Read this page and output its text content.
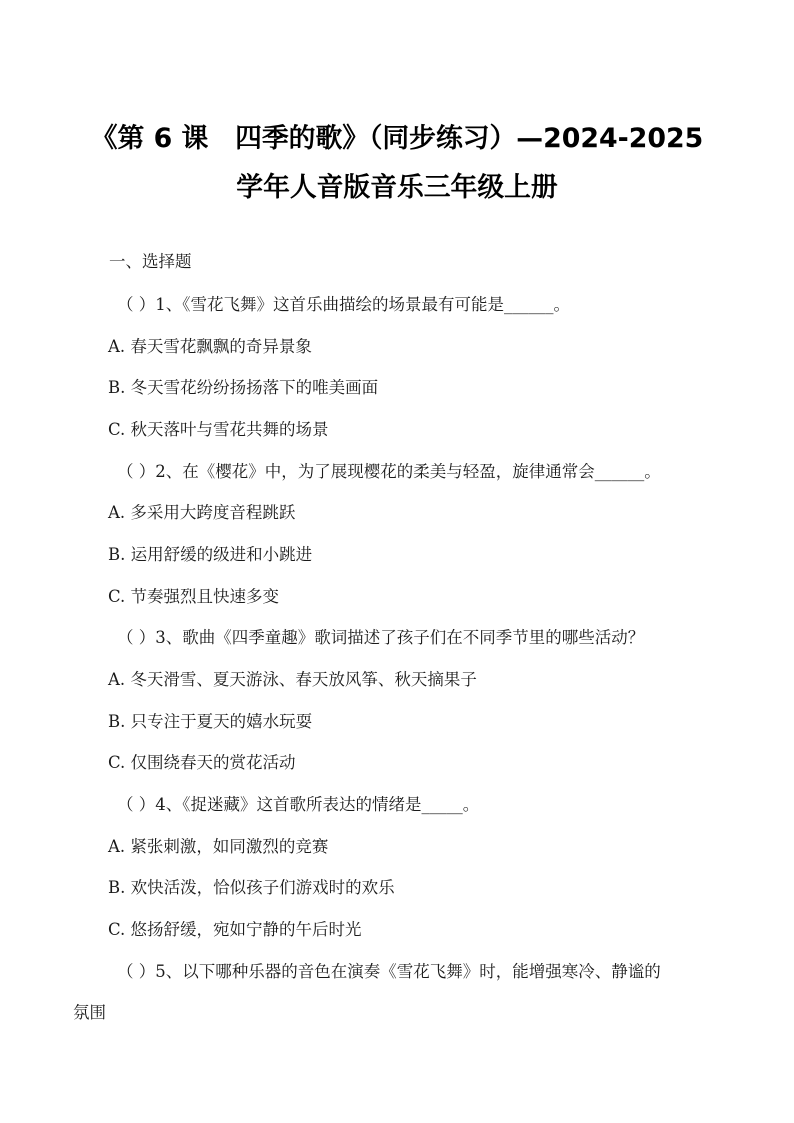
《第 6 课　四季的歌》（同步练习）—2024-2025
学年人音版音乐三年级上册
一、选择题
（ ）1、《雪花飞舞》这首乐曲描绘的场景最有可能是______。
A. 春天雪花飘飘的奇异景象
B. 冬天雪花纷纷扬扬落下的唯美画面
C. 秋天落叶与雪花共舞的场景
（ ）2、在《樱花》中，为了展现樱花的柔美与轻盈，旋律通常会______。
A. 多采用大跨度音程跳跃
B. 运用舒缓的级进和小跳进
C. 节奏强烈且快速多变
（ ）3、歌曲《四季童趣》歌词描述了孩子们在不同季节里的哪些活动？
A. 冬天滑雪、夏天游泳、春天放风筝、秋天摘果子
B. 只专注于夏天的嬉水玩耍
C. 仅围绕春天的赏花活动
（ ）4、《捉迷藏》这首歌所表达的情绪是_____。
A. 紧张刺激，如同激烈的竞赛
B. 欢快活泼，恰似孩子们游戏时的欢乐
C. 悠扬舒缓，宛如宁静的午后时光
（ ）5、以下哪种乐器的音色在演奏《雪花飞舞》时，能增强寒冷、静谧的
氛围
